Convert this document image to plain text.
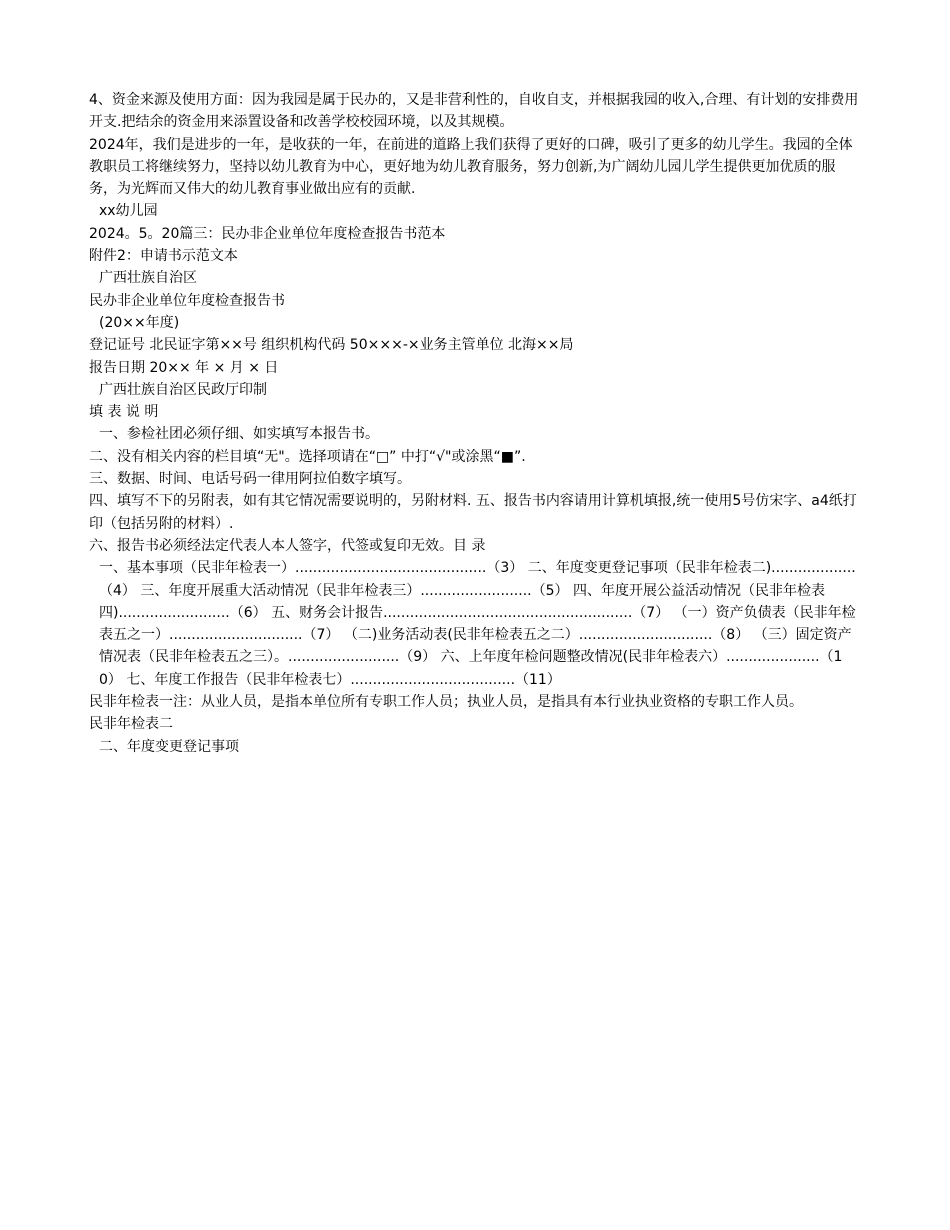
4、资金来源及使用方面：因为我园是属于民办的，又是非营利性的，自收自支，并根据我园的收入,合理、有计划的安排费用开支.把结余的资金用来添置设备和改善学校校园环境，以及其规模。

2024年，我们是进步的一年，是收获的一年，在前进的道路上我们获得了更好的口碑，吸引了更多的幼儿学生。我园的全体教职员工将继续努力，坚持以幼儿教育为中心，更好地为幼儿教育服务，努力创新,为广阔幼儿园儿学生提供更加优质的服务，为光辉而又伟大的幼儿教育事业做出应有的贡献.

xx幼儿园

2024。5。20篇三：民办非企业单位年度检查报告书范本

附件2：申请书示范文本

广西壮族自治区

民办非企业单位年度检查报告书

(20××年度)

登记证号 北民证字第××号 组织机构代码 50×××-×业务主管单位 北海××局

报告日期 20×× 年 × 月 × 日

广西壮族自治区民政厅印制

填 表 说 明

一、参检社团必须仔细、如实填写本报告书。

二、没有相关内容的栏目填“无"。选择项请在“□” 中打“√"或涂黑“■”.

三、数据、时间、电话号码一律用阿拉伯数字填写。

四、填写不下的另附表，如有其它情况需要说明的，另附材料. 五、报告书内容请用计算机填报,统一使用5号仿宋字、a4纸打印（包括另附的材料）.

六、报告书必须经法定代表人本人签字，代签或复印无效。目 录

一、基本事项（民非年检表一）...........................................（3） 二、年度变更登记事项（民非年检表二)...................（4） 三、年度开展重大活动情况（民非年检表三）.........................（5） 四、年度开展公益活动情况（民非年检表四).........................（6） 五、财务会计报告........................................................（7） （一）资产负债表（民非年检表五之一）..............................（7） （二)业务活动表(民非年检表五之二）..............................（8） （三）固定资产情况表（民非年检表五之三）。.........................（9） 六、上年度年检问题整改情况(民非年检表六）.....................（10） 七、年度工作报告（民非年检表七）.....................................（11）

民非年检表一注：从业人员，是指本单位所有专职工作人员；执业人员，是指具有本行业执业资格的专职工作人员。

民非年检表二

二、年度变更登记事项
